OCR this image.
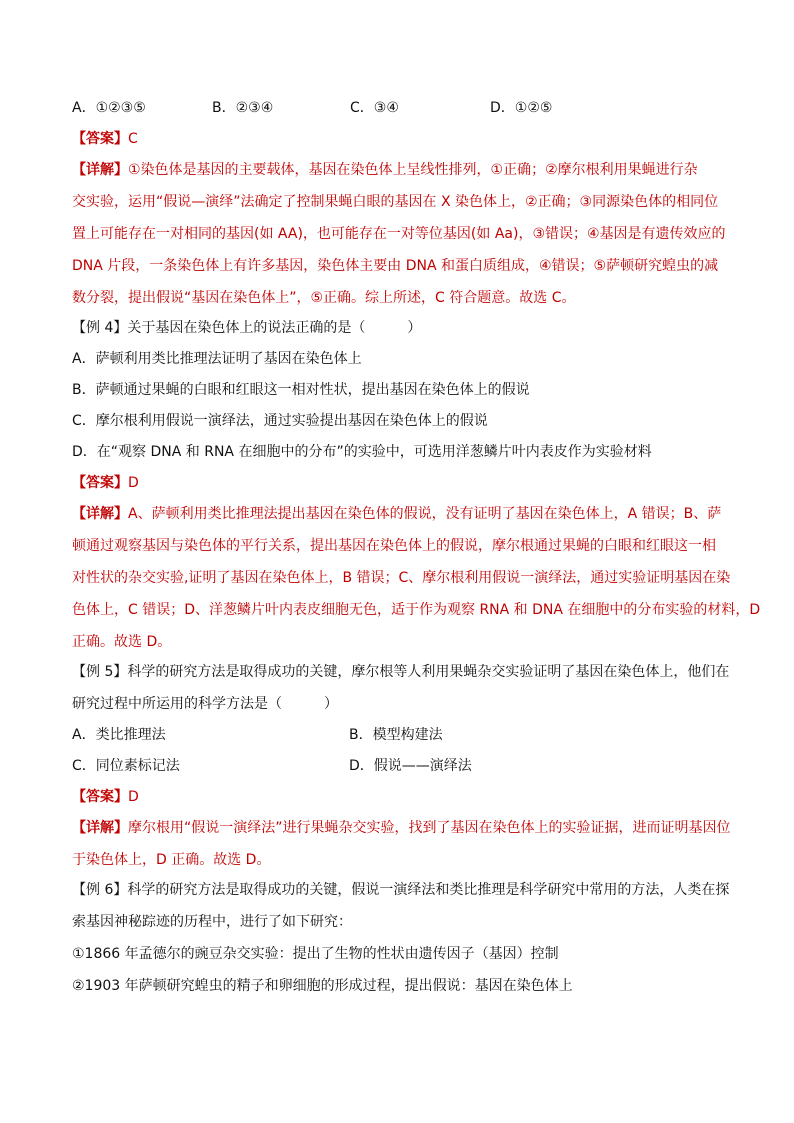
A．①②③⑤	B．②③④	C．③④	D．①②⑤
【答案】C
【详解】①染色体是基因的主要载体，基因在染色体上呈线性排列，①正确；②摩尔根利用果蝇进行杂
交实验，运用“假说—演绎”法确定了控制果蝇白眼的基因在 X 染色体上，②正确；③同源染色体的相同位
置上可能存在一对相同的基因(如 AA)，也可能存在一对等位基因(如 Aa)，③错误；④基因是有遗传效应的
DNA 片段，一条染色体上有许多基因，染色体主要由 DNA 和蛋白质组成，④错误；⑤萨顿研究蝗虫的减
数分裂，提出假说“基因在染色体上”，⑤正确。综上所述，C 符合题意。故选 C。
【例 4】关于基因在染色体上的说法正确的是（　　　）
A．萨顿利用类比推理法证明了基因在染色体上
B．萨顿通过果蝇的白眼和红眼这一相对性状，提出基因在染色体上的假说
C．摩尔根利用假说一演绎法，通过实验提出基因在染色体上的假说
D．在“观察 DNA 和 RNA 在细胞中的分布”的实验中，可选用洋葱鳞片叶内表皮作为实验材料
【答案】D
【详解】A、萨顿利用类比推理法提出基因在染色体的假说，没有证明了基因在染色体上，A 错误；B、萨
顿通过观察基因与染色体的平行关系，提出基因在染色体上的假说，摩尔根通过果蝇的白眼和红眼这一相
对性状的杂交实验,证明了基因在染色体上，B 错误；C、摩尔根利用假说一演绎法，通过实验证明基因在染
色体上，C 错误；D、洋葱鳞片叶内表皮细胞无色，适于作为观察 RNA 和 DNA 在细胞中的分布实验的材料，D
正确。故选 D。
【例 5】科学的研究方法是取得成功的关键，摩尔根等人利用果蝇杂交实验证明了基因在染色体上，他们在
研究过程中所运用的科学方法是（　　　）
A．类比推理法	B．模型构建法
C．同位素标记法	D．假说——演绎法
【答案】D
【详解】摩尔根用“假说一演绎法”进行果蝇杂交实验，找到了基因在染色体上的实验证据，进而证明基因位
于染色体上，D 正确。故选 D。
【例 6】科学的研究方法是取得成功的关键，假说一演绎法和类比推理是科学研究中常用的方法，人类在探
索基因神秘踪迹的历程中，进行了如下研究：
①1866 年孟德尔的豌豆杂交实验：提出了生物的性状由遗传因子（基因）控制
②1903 年萨顿研究蝗虫的精子和卵细胞的形成过程，提出假说：基因在染色体上
